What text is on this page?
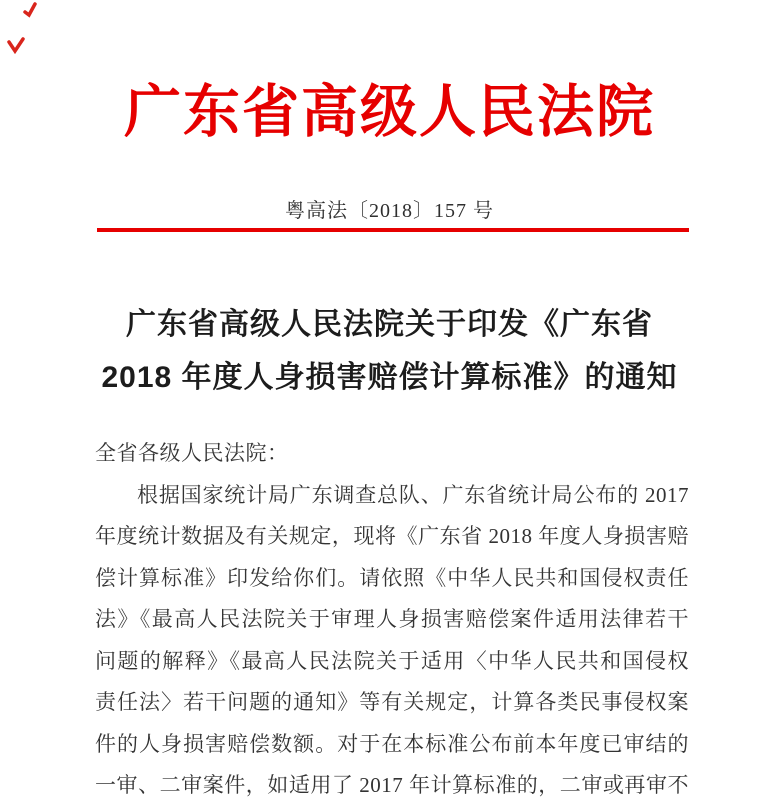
广东省高级人民法院
粤高法〔2018〕157 号
广东省高级人民法院关于印发《广东省
2018 年度人身损害赔偿计算标准》的通知
全省各级人民法院：
根据国家统计局广东调查总队、广东省统计局公布的 2017
年度统计数据及有关规定，现将《广东省 2018 年度人身损害赔
偿计算标准》印发给你们。请依照《中华人民共和国侵权责任
法》《最高人民法院关于审理人身损害赔偿案件适用法律若干
问题的解释》《最高人民法院关于适用〈中华人民共和国侵权
责任法〉若干问题的通知》等有关规定，计算各类民事侵权案
件的人身损害赔偿数额。对于在本标准公布前本年度已审结的
一审、二审案件，如适用了 2017 年计算标准的，二审或再审不
